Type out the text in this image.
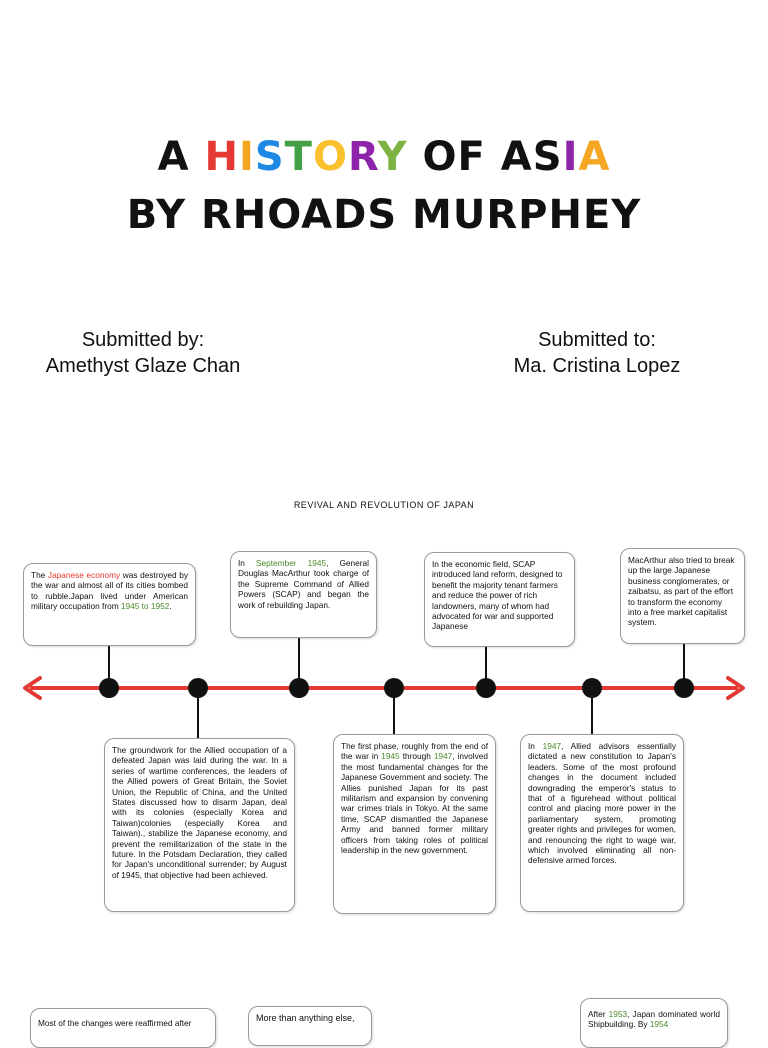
A HISTORY OF ASIA
BY RHOADS MURPHEY
Submitted by:
Amethyst Glaze Chan
Submitted to:
Ma. Cristina Lopez
REVIVAL AND REVOLUTION OF JAPAN
The Japanese economy was destroyed by the war and almost all of its cities bombed to rubble.Japan lived under American military occupation from 1945 to 1952.
In September 1945, General Douglas MacArthur took charge of the Supreme Command of Allied Powers (SCAP) and began the work of rebuilding Japan.
In the economic field, SCAP introduced land reform, designed to benefit the majority tenant farmers and reduce the power of rich landowners, many of whom had advocated for war and supported Japanese
MacArthur also tried to break up the large Japanese business conglomerates, or zaibatsu, as part of the effort to transform the economy into a free market capitalist system.
The groundwork for the Allied occupation of a defeated Japan was laid during the war. In a series of wartime conferences, the leaders of the Allied powers of Great Britain, the Soviet Union, the Republic of China, and the United States discussed how to disarm Japan, deal with its colonies (especially Korea and Taiwan)colonies (especially Korea and Taiwan)., stabilize the Japanese economy, and prevent the remilitarization of the state in the future. In the Potsdam Declaration, they called for Japan's unconditional surrender; by August of 1945, that objective had been achieved.
The first phase, roughly from the end of the war in 1945 through 1947, involved the most fundamental changes for the Japanese Government and society. The Allies punished Japan for its past militarism and expansion by convening war crimes trials in Tokyo. At the same time, SCAP dismantled the Japanese Army and banned former military officers from taking roles of political leadership in the new government.
In 1947, Allied advisors essentially dictated a new constitution to Japan's leaders. Some of the most profound changes in the document included downgrading the emperor's status to that of a figurehead without political control and placing more power in the parliamentary system, promoting greater rights and privileges for women, and renouncing the right to wage war, which involved eliminating all non-defensive armed forces.
Most of the changes were reaffirmed after	More than anything else,	After 1953, Japan dominated world Shipbuilding. By 1954
